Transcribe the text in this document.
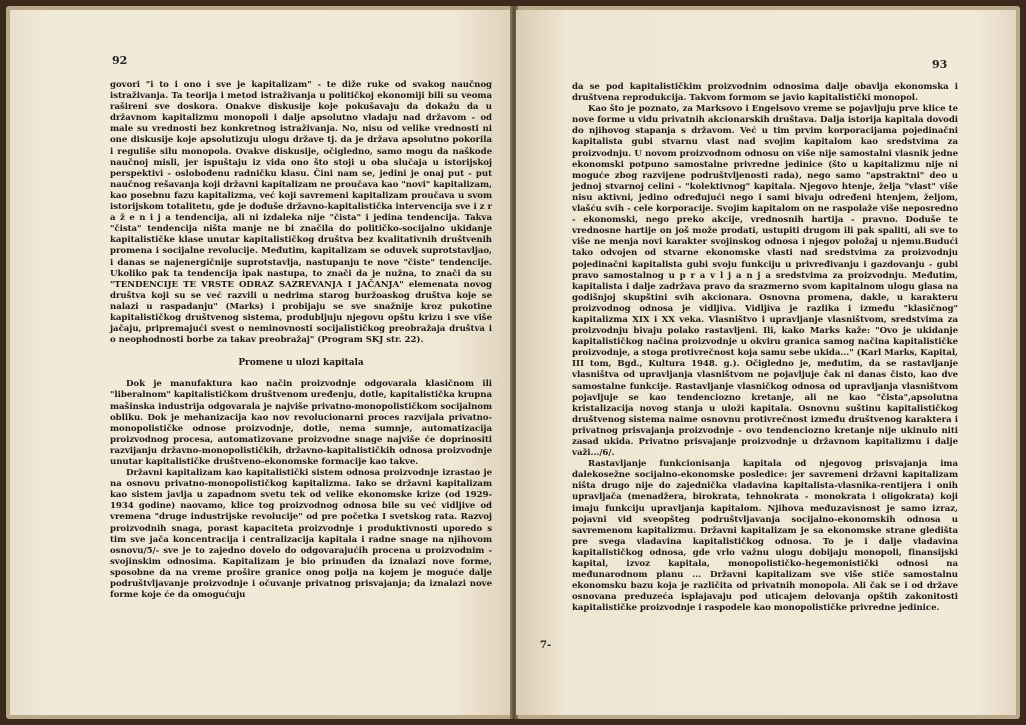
92

govori "i to i ono i sve je kapitalizam" - te diže ruke od svakog naučnog istraživanja. Ta teorija i metod istraživanja u političkoj ekonomiji bili su veoma rašireni sve doskora. Onakve diskusije koje pokušavaju da dokažu da u državnom kapitalizmu monopoli i dalje apsolutno vladaju nad državom - od male su vrednosti bez konkretnog istraživanja. No, nisu od velike vrednosti ni one diskusije koje apsolutizuju ulogu države tj. da je država apsolutno pokorila i reguliše silu monopola. Ovakve diskusije, očigledno, samo mogu da naškode naučnoj misli, jer ispuštaju iz vida ono što stoji u oba slučaja u istorijskoj perspektivi - oslobođenu radničku klasu. Čini nam se, jedini je onaj put - put naučnog rešavanja koji državni kapitalizam ne proučava kao "novi" kapitalizam, kao posebnu fazu kapitalizma, već koji savremeni kapitalizam proučava u svom istorijskom totalitetu, gde je dođuše državno-kapitalistička intervencija sve i z r a ž e n i j a tendencija, ali ni izdaleka nije "čista" i jedina tendencija. Takva "čista" tendencija ništa manje ne bi značila do političko-socijalno ukidanje kapitalističke klase unutar kapitalističkog društva bez kvalitativnih društvenih promena i socijalne revolucije. Međutim, kapitalizam se oduvek suprotstavljao, i danas se najenergičnije suprotstavlja, nastupanju te nove "čiste" tendencije. Ukoliko pak ta tendencija ipak nastupa, to znači da je nužna, to znači da su "TENDENCIJE TE VRSTE ODRAZ SAZREVANJA I JAČANJA" elemenata novog društva koji su se već razvili u nedrima starog buržoaskog društva koje se nalazi u raspadanju" (Marks) i probijaju se sve snažnije kroz pukotine kapitalističkog društvenog sistema, produbljuju njegovu opštu krizu i sve više jačaju, pripremajući svest o neminovnosti socijalističkog preobražaja društva i o neophodnosti borbe za takav preobražaj" (Program SKJ str. 22).

Promene u ulozi kapitala

Dok je manufaktura kao način proizvodnje odgovarala klasičnom ili "liberalnom" kapitalističkom društvenom uređenju, dotle, kapitalistička krupna mašinska industrija odgovarala je najviše privatno-monopolističkom socijalnom obliku. Dok je mehanizacija kao nov revolucionarni proces razvijala privatno-monopolističke odnose proizvodnje, dotle, nema sumnje, automatizacija proizvodnog procesa, automatizovane proizvodne snage najviše će doprinositi razvijanju državno-monopolističkih, državno-kapitalističkih odnosa proizvodnje unutar kapitalističke društveno-ekonomske formacije kao takve.

Državni kapitalizam kao kapitalistički sistem odnosa proizvodnje izrastao je na osnovu privatno-monopolističkog kapitalizma. Iako se državni kapitalizam kao sistem javlja u zapadnom svetu tek od velike ekonomske krize (od 1929-1934 godine) naovamo, klice tog proizvodnog odnosa bile su već vidljive od vremena "druge industrijske revolucije" od pre početka I svetskog rata. Razvoj proizvodnih snaga, porast kapaciteta proizvodnje i produktivnosti uporedo s tim sve jača koncentracija i centralizacija kapitala i radne snage na njihovom osnovu/5/- sve je to zajedno dovelo do odgovarajućih procena u proizvodnim - svojinskim odnosima. Kapitalizam je bio prinuđen da iznalazi nove forme, sposobne da na vreme proširе granice onog polja na kojem je moguće dalje podruštvljavanje proizvodnje i očuvanje privatnog prisvajanja; da iznalazi nove forme koje će da omogućuju

93
7-

da se pod kapitalističkim proizvodnim odnosima dalje obavlja ekonomska i društvena reprodukcija. Takvom formom se javio kapitalistički monopol.

Kao što je poznato, za Marksovo i Engelsovo vreme se pojavljuju prve klice te nove forme u vidu privatnih akcionarskih društava. Dalja istorija kapitala dovodi do njihovog stapanja s državom. Već u tim prvim korporacijama pojedinačni kapitalista gubi stvarnu vlast nad svojim kapitalom kao sredstvima za proizvodnju. U novom proizvodnom odnosu on više nije samostalni vlasnik jedne ekonomski potpuno samostalne privredne jedinice (što u kapitalizmu nije ni moguće zbog razvijene podruštvljenosti rada), nego samo "apstraktni" deo u jednoj stvarnoj celini - "kolektivnog" kapitala. Njegovo htenje, želja "vlast" više nisu aktivni, jedino određujući nego i sami bivaju određeni htenjem, željom, vlašću svih - cele korporacije. Svojim kapitalom on ne raspolaže više neposredno - ekonomski, nego preko akcije, vrednosnih hartija - pravno. Doduše te vrednosne hartije on još može prodati, ustupiti drugom ili pak spaliti, ali sve to više ne menja novi karakter svojinskog odnosa i njegov položaj u njemu.Budući tako odvojen od stvarne ekonomske vlasti nad sredstvima za proizvodnju pojedinačni kapitalista gubi svoju funkciju u privređivanju i gazdovanju - gubi pravo samostalnog u p r a v l j a n j a sredstvima za proizvodnju. Međutim, kapitalista i dalje zadržava pravo da srazmerno svom kapitalnom ulogu glasa na godišnjoj skupštini svih akcionara. Osnovna promena, dakle, u karakteru proizvodnog odnosa je vidljiva. Vidljiva je razlika i između "klasičnog" kapitalizma XIX i XX veka. Vlasništvo i upravljanje vlasništvom, sredstvima za proizvodnju bivaju polako rastavljeni. Ili, kako Marks kaže: "Ovo je ukidanje kapitalističkog načina proizvodnje u okviru granica samog načina kapitalističke proizvodnje, a stoga protivrečnost koja samu sebe ukida..." (Karl Marks, Kapital, III tom, Bgd., Kultura 1948. g.). Očigledno je, međutim, da se rastavljanje vlasništva od upravljanja vlasništvom ne pojavljuje čak ni danas čisto, kao dve samostalne funkcije. Rastavljanje vlasničkog odnosa od upravljanja vlasništvom pojavljuje se kao tendenciozno kretanje, ali ne kao "čista",apsolutna kristalizacija novog stanja u uloži kapitala. Osnovnu suštinu kapitalističkog društvenog sistema naime osnovnu protivrečnost između društvenog karaktera i privatnog prisvajanja proizvodnje - ovo tendenciozno kretanje nije ukinulo niti zasad ukida. Privatno prisvajanje proizvodnje u državnom kapitalizmu i dalje važi.../6/.

Rastavljanje funkcionisanja kapitala od njegovog prisvajanja ima dalekosežne socijalno-ekonomske posledice: jer savremeni državni kapitalizam ništa drugo nije do zajednička vladavina kapitalista-vlasnika-rentijera i onih upravljača (menadžera, birokrata, tehnokrata - monokrata i oligokrata) koji imaju funkciju upravljanja kapitalom. Njihova međuzavisnost je samo izraz, pojavni vid sveopšteg podruštvljavanja socijalno-ekonomskih odnosa u savremenom kapitalizmu. Državni kapitalizam je sa ekonomske strane gledišta pre svega vladavina kapitalističkog odnosa. To je i dalje vladavina kapitalističkog odnosa, gde vrlo važnu ulogu dobijaju monopoli, finansijski kapital, izvoz kapitala, monopolističko-hegemonistički odnosi na međunarodnom planu ... Državni kapitalizam sve više stiče samostalnu ekonomsku bazu koja je različita od privatnih monopola. Ali čak se i od države osnovana preduzeća isplajavaju pod uticajem delovanja opštih zakonitosti kapitalističke proizvodnje i raspodele kao monopolističke privredne jedinice.
